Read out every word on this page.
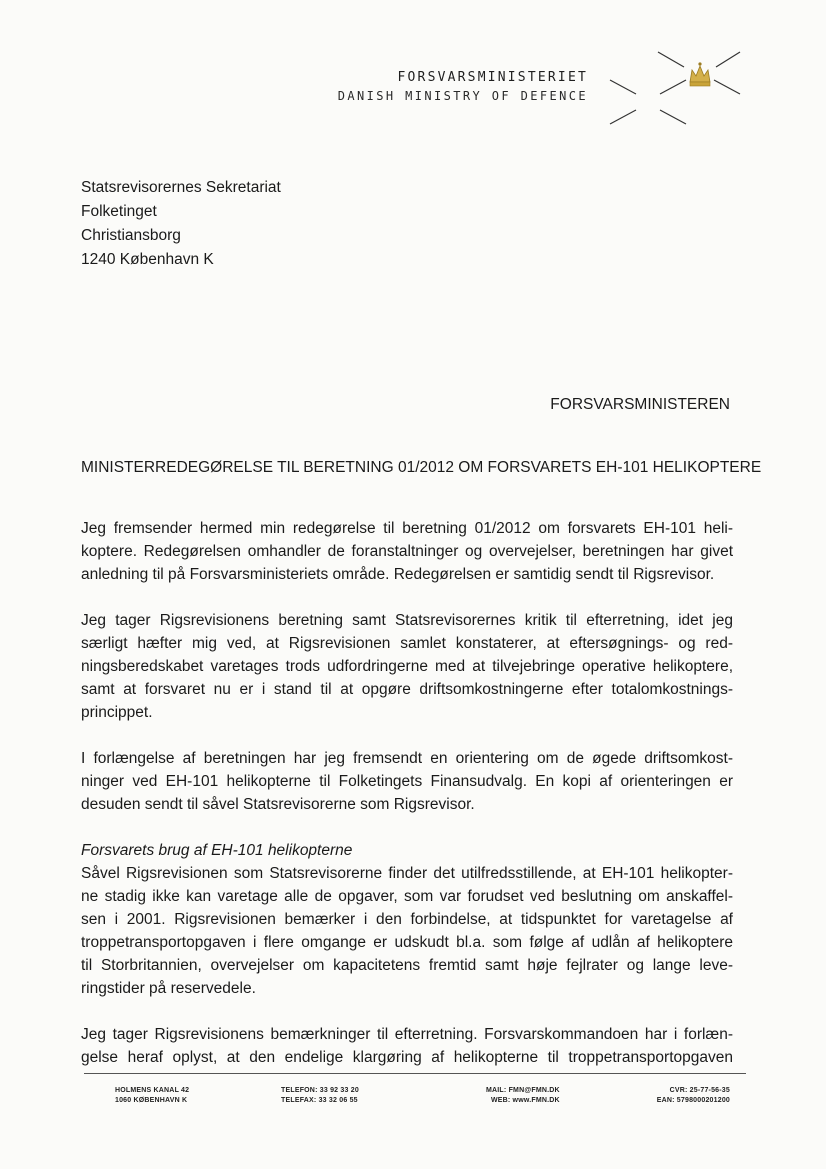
FORSVARSMINISTERIET
DANISH MINISTRY OF DEFENCE
Statsrevisorernes Sekretariat
Folketinget
Christiansborg
1240 København K
FORSVARSMINISTEREN
MINISTERREDEGØRELSE TIL BERETNING 01/2012 OM FORSVARETS EH-101 HELIKOPTERE
Jeg fremsender hermed min redegørelse til beretning 01/2012 om forsvarets EH-101 heli-
koptere. Redegørelsen omhandler de foranstaltninger og overvejelser, beretningen har givet
anledning til på Forsvarsministeriets område. Redegørelsen er samtidig sendt til Rigsrevisor.
Jeg tager Rigsrevisionens beretning samt Statsrevisorernes kritik til efterretning, idet jeg
særligt hæfter mig ved, at Rigsrevisionen samlet konstaterer, at eftersøgnings- og red-
ningsberedskabet varetages trods udfordringerne med at tilvejebringe operative helikoptere,
samt at forsvaret nu er i stand til at opgøre driftsomkostningerne efter totalomkostnings-
princippet.
I forlængelse af beretningen har jeg fremsendt en orientering om de øgede driftsomkost-
ninger ved EH-101 helikopterne til Folketingets Finansudvalg. En kopi af orienteringen er
desuden sendt til såvel Statsrevisorerne som Rigsrevisor.
Forsvarets brug af EH-101 helikopterne
Såvel Rigsrevisionen som Statsrevisorerne finder det utilfredsstillende, at EH-101 helikopter-
ne stadig ikke kan varetage alle de opgaver, som var forudset ved beslutning om anskaffel-
sen i 2001. Rigsrevisionen bemærker i den forbindelse, at tidspunktet for varetagelse af
troppetransportopgaven i flere omgange er udskudt bl.a. som følge af udlån af helikoptere
til Storbritannien, overvejelser om kapacitetens fremtid samt høje fejlrater og lange leve-
ringstider på reservedele.
Jeg tager Rigsrevisionens bemærkninger til efterretning. Forsvarskommandoen har i forlæn-
gelse heraf oplyst, at den endelige klargøring af helikopterne til troppetransportopgaven
HOLMENS KANAL 42
1060 KØBENHAVN K
TELEFON: 33 92 33 20
TELEFAX: 33 32 06 55
MAIL: FMN@FMN.DK
WEB: www.FMN.DK
CVR: 25-77-56-35
EAN: 5798000201200
